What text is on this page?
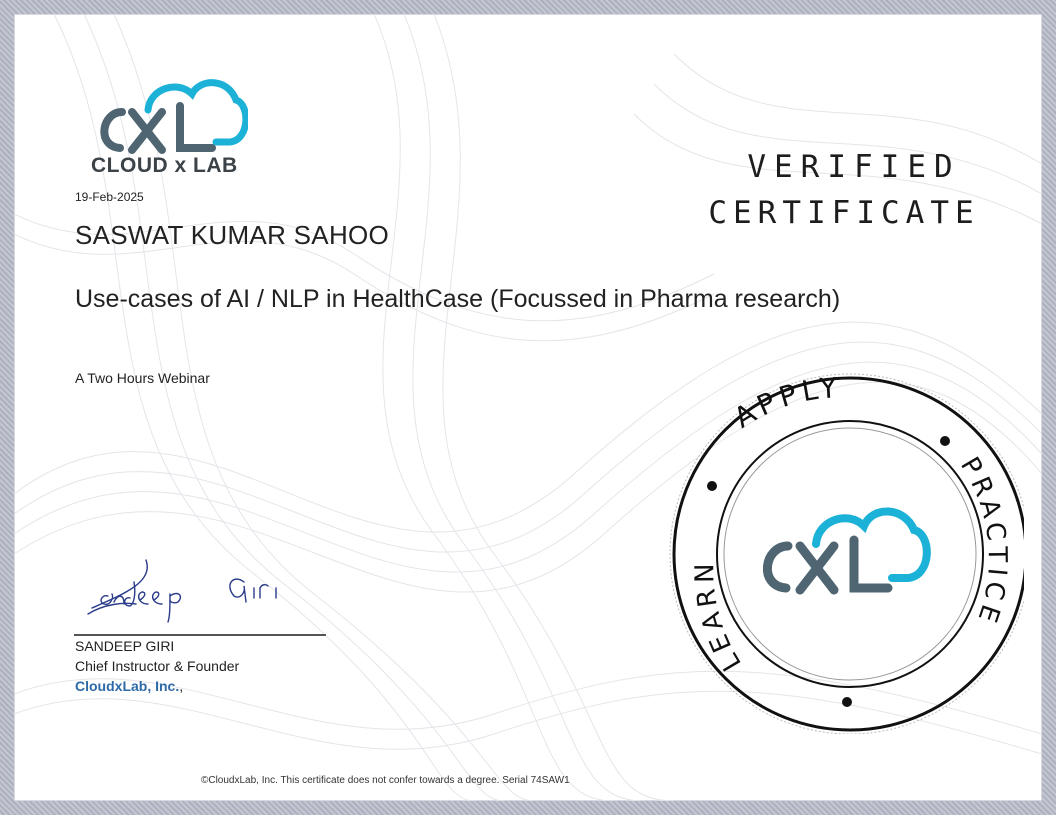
CLOUD x LAB
19-Feb-2025
SASWAT KUMAR SAHOO
Use-cases of AI / NLP in HealthCase (Focussed in Pharma research)
A Two Hours Webinar
VERIFIED
CERTIFICATE
SANDEEP GIRI
Chief Instructor & Founder
CloudxLab, Inc.,
APPLY
PRACTICE
LEARN
©CloudxLab, Inc. This certificate does not confer towards a degree. Serial 74SAW1
